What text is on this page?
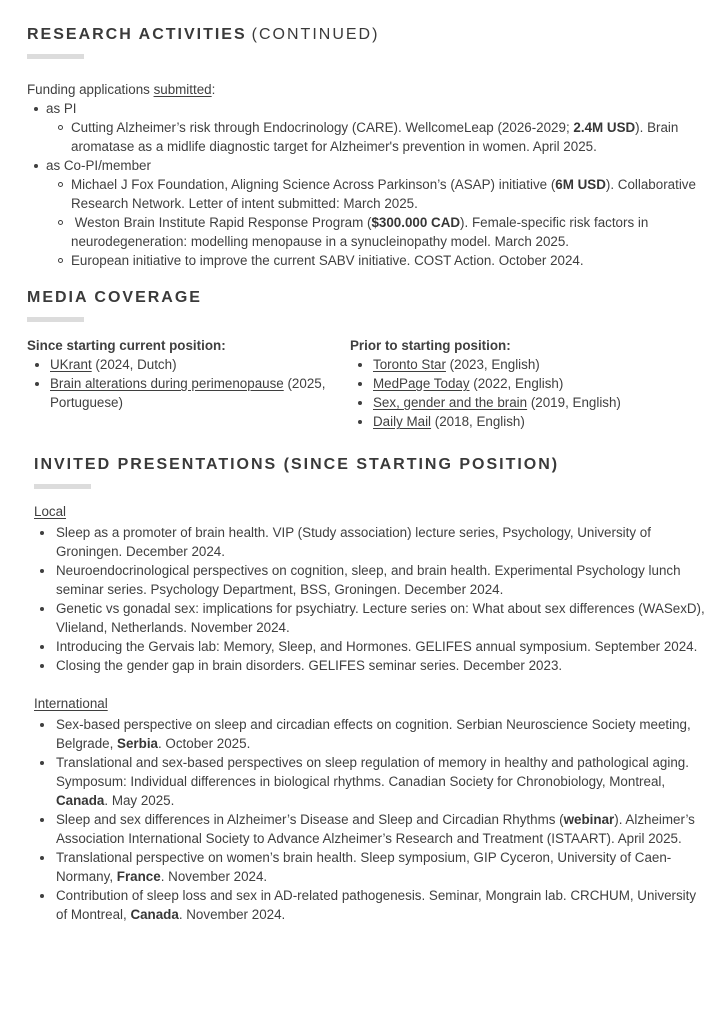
RESEARCH ACTIVITIES (CONTINUED)

Funding applications submitted:

as PI
Cutting Alzheimer’s risk through Endocrinology (CARE). WellcomeLeap (2026-2029; 2.4M USD). Brain aromatase as a midlife diagnostic target for Alzheimer's prevention in women. April 2025.
as Co-PI/member
Michael J Fox Foundation, Aligning Science Across Parkinson’s (ASAP) initiative (6M USD). Collaborative Research Network. Letter of intent submitted: March 2025.
Weston Brain Institute Rapid Response Program ($300.000 CAD). Female-specific risk factors in neurodegeneration: modelling menopause in a synucleinopathy model. March 2025.
European initiative to improve the current SABV initiative. COST Action. October 2024.
MEDIA COVERAGE

Since starting current position:

UKrant (2024, Dutch)
Brain alterations during perimenopause (2025, Portuguese)

Prior to starting position:

Toronto Star (2023, English)
MedPage Today (2022, English)
Sex, gender and the brain (2019, English)
Daily Mail (2018, English)
INVITED PRESENTATIONS (SINCE STARTING POSITION)

Local

Sleep as a promoter of brain health. VIP (Study association) lecture series, Psychology, University of Groningen. December 2024.
Neuroendocrinological perspectives on cognition, sleep, and brain health. Experimental Psychology lunch seminar series. Psychology Department, BSS, Groningen. December 2024.
Genetic vs gonadal sex: implications for psychiatry. Lecture series on: What about sex differences (WASexD), Vlieland, Netherlands. November 2024.
Introducing the Gervais lab: Memory, Sleep, and Hormones. GELIFES annual symposium. September 2024.
Closing the gender gap in brain disorders. GELIFES seminar series. December 2023.

International

Sex-based perspective on sleep and circadian effects on cognition. Serbian Neuroscience Society meeting, Belgrade, Serbia. October 2025.
Translational and sex-based perspectives on sleep regulation of memory in healthy and pathological aging. Symposum: Individual differences in biological rhythms. Canadian Society for Chronobiology, Montreal, Canada. May 2025.
Sleep and sex differences in Alzheimer’s Disease and Sleep and Circadian Rhythms (webinar). Alzheimer’s Association International Society to Advance Alzheimer’s Research and Treatment (ISTAART). April 2025.
Translational perspective on women’s brain health. Sleep symposium, GIP Cyceron, University of Caen-Normany, France. November 2024.
Contribution of sleep loss and sex in AD-related pathogenesis. Seminar, Mongrain lab. CRCHUM, University of Montreal, Canada. November 2024.
